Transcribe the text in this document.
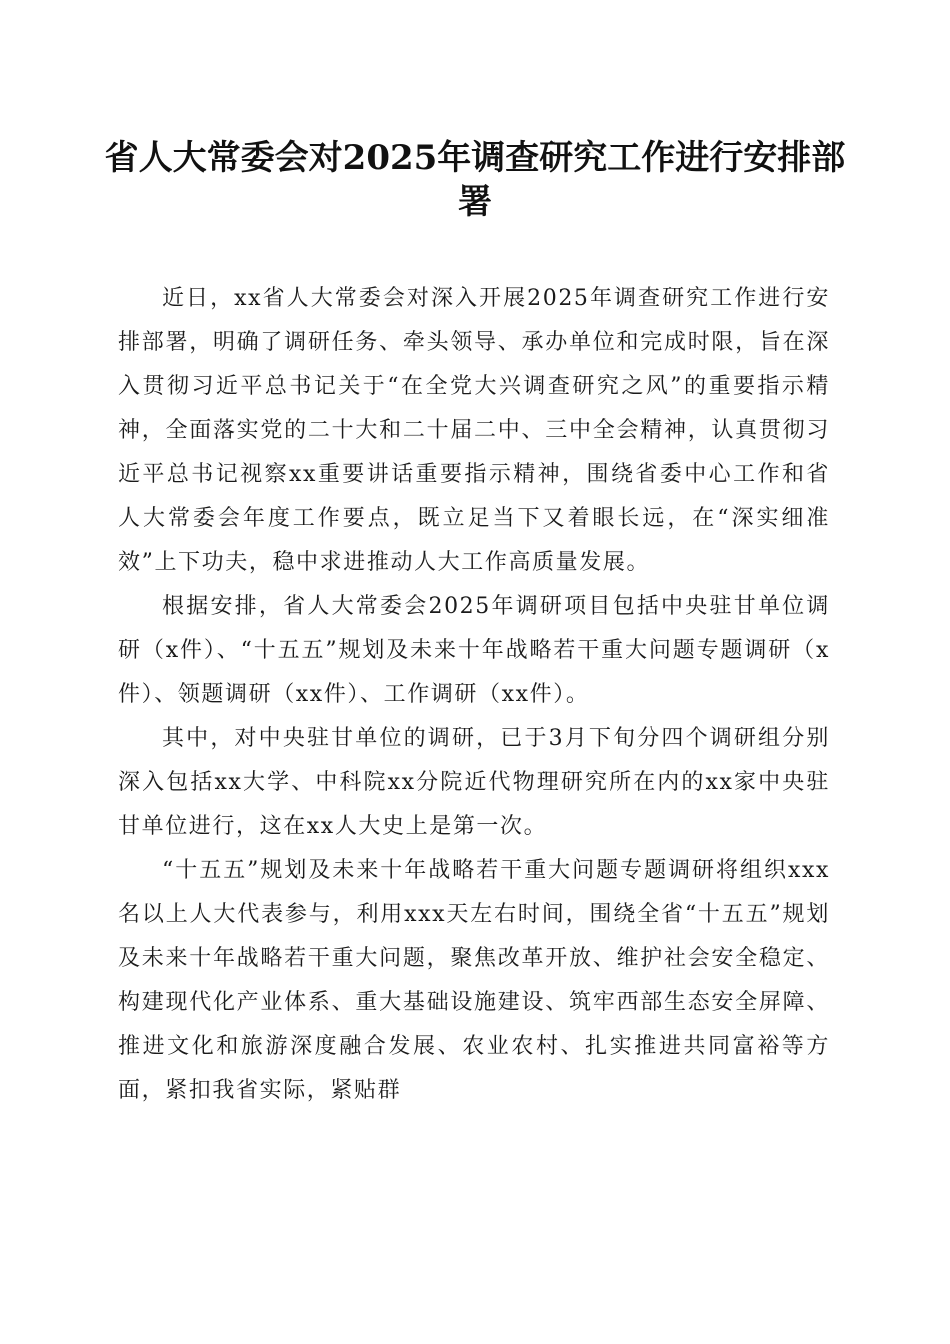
省人大常委会对2025年调查研究工作进行安排部署

近日，xx省人大常委会对深入开展2025年调查研究工作进行安排部署，明确了调研任务、牵头领导、承办单位和完成时限，旨在深入贯彻习近平总书记关于“在全党大兴调查研究之风”的重要指示精神，全面落实党的二十大和二十届二中、三中全会精神，认真贯彻习近平总书记视察xx重要讲话重要指示精神，围绕省委中心工作和省人大常委会年度工作要点，既立足当下又着眼长远，在“深实细准效”上下功夫，稳中求进推动人大工作高质量发展。

根据安排，省人大常委会2025年调研项目包括中央驻甘单位调研（x件）、“十五五”规划及未来十年战略若干重大问题专题调研（x件）、领题调研（xx件）、工作调研（xx件）。

其中，对中央驻甘单位的调研，已于3月下旬分四个调研组分别深入包括xx大学、中科院xx分院近代物理研究所在内的xx家中央驻甘单位进行，这在xx人大史上是第一次。

“十五五”规划及未来十年战略若干重大问题专题调研将组织xxx名以上人大代表参与，利用xxx天左右时间，围绕全省“十五五”规划及未来十年战略若干重大问题，聚焦改革开放、维护社会安全稳定、构建现代化产业体系、重大基础设施建设、筑牢西部生态安全屏障、推进文化和旅游深度融合发展、农业农村、扎实推进共同富裕等方面，紧扣我省实际，紧贴群
